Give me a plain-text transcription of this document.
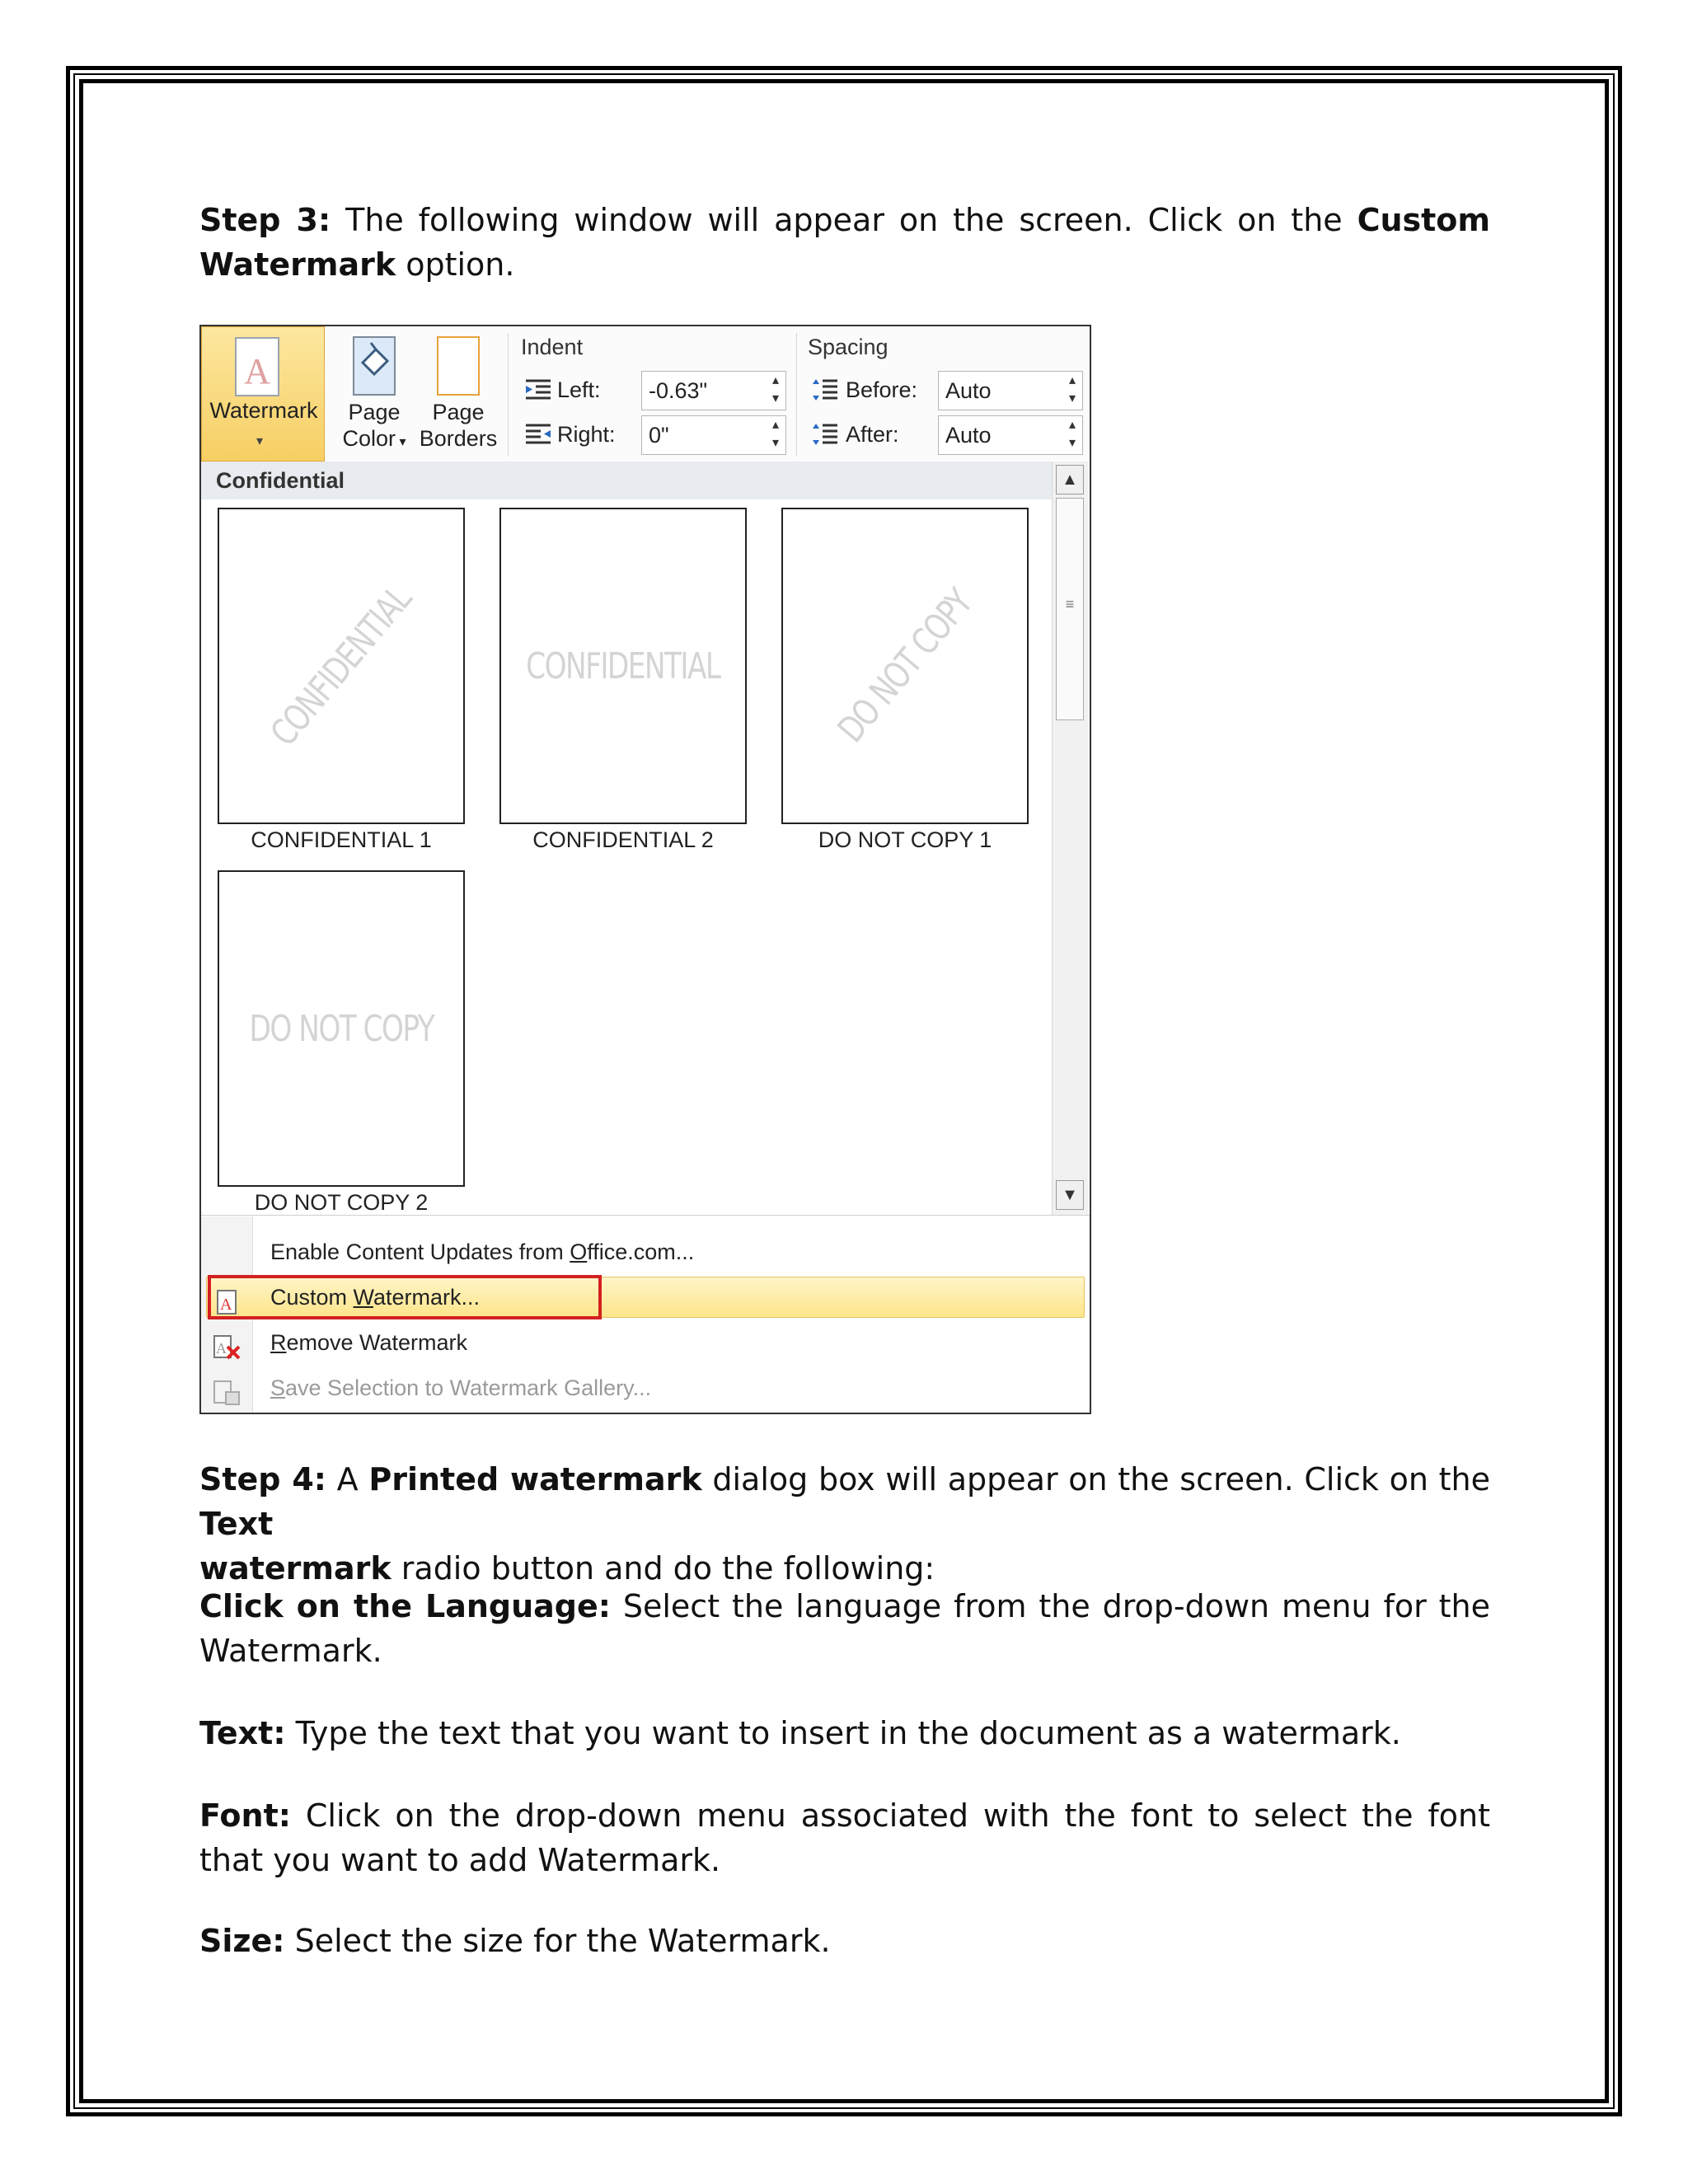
Step 3: The following window will appear on the screen. Click on the Custom
Watermark option.
A
Watermark
▾
Page
Color ▾
Page
Borders
Indent
Left:	-0.63"	▴
▾
Right:	0"	▴
▾
Spacing
Before:	Auto	▴
▾
After:	Auto	▴
▾
Confidential
CONFIDENTIAL
CONFIDENTIAL 1
CONFIDENTIAL
CONFIDENTIAL 2
DO NOT COPY
DO NOT COPY 1
DO NOT COPY
DO NOT COPY 2
▲
≡
▼
Enable Content Updates from Office.com...
A Custom Watermark...
A Remove Watermark
Save Selection to Watermark Gallery...
Step 4: A Printed watermark dialog box will appear on the screen. Click on the Text
watermark radio button and do the following:
Click on the Language: Select the language from the drop-down menu for the Watermark.
Text: Type the text that you want to insert in the document as a watermark.
Font: Click on the drop-down menu associated with the font to select the font that you want to add Watermark.
Size: Select the size for the Watermark.
